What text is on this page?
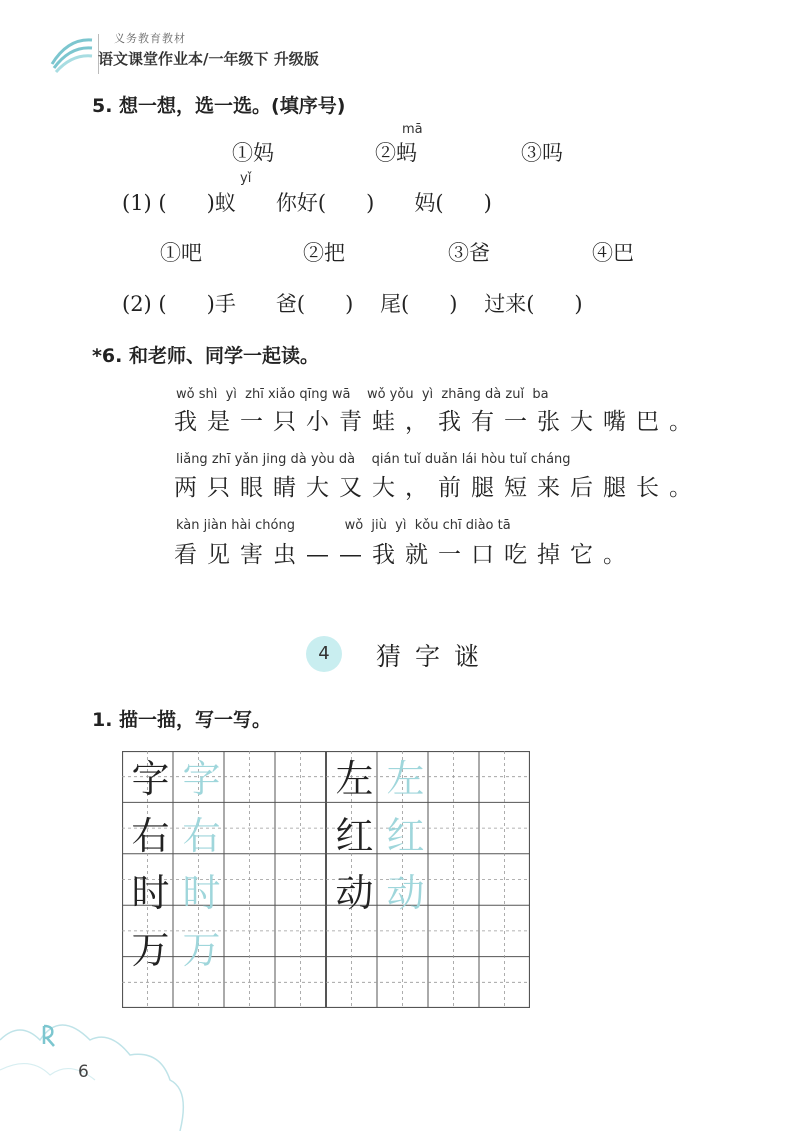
义务教育教材
语文课堂作业本/一年级下 升级版
5. 想一想，选一选。(填序号)
mā
①妈	②蚂	③吗
yǐ
(1) (      )蚁      你好(      )      妈(      )
①吧	②把	③爸	④巴
(2) (      )手      爸(      )    尾(      )    过来(      )
*6. 和老师、同学一起读。
wǒ shì  yì  zhī xiǎo qīng wā    wǒ yǒu  yì  zhāng dà zuǐ  ba
我是一只小青蛙，我有一张大嘴巴。
liǎng zhī yǎn jing dà yòu dà    qián tuǐ duǎn lái hòu tuǐ cháng
两只眼睛大又大，前腿短来后腿长。
kàn jiàn hài chóng            wǒ  jiù  yì  kǒu chī diào tā
看见害虫——我就一口吃掉它。
4	猜字谜
1. 描一描，写一写。
字 字
右 右
时 时
万 万
左 左
红 红
动 动
6
